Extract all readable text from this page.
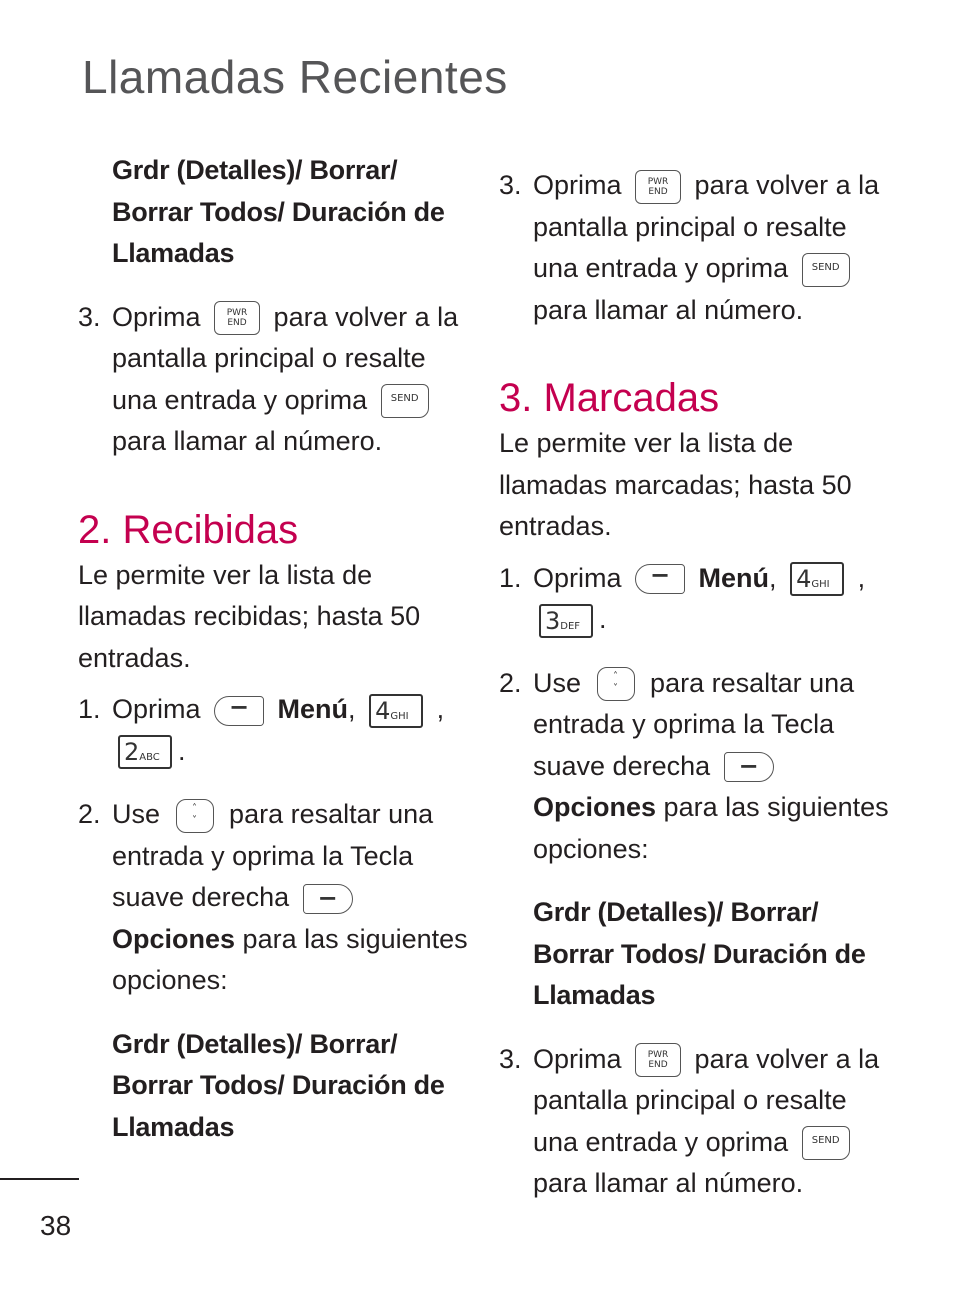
Llamadas Recientes
Grdr (Detalles)/ Borrar/ Borrar Todos/ Duración de Llamadas
3. Oprima	PWR
END para volver a la pantalla principal o resalte una entrada y oprima SEND para llamar al número.
2. Recibidas

Le permite ver la lista de llamadas recibidas; hasta 50 entradas.

1. Oprima − Menú, 4GHI ,
2ABC .
2. Use	˄
˅	para resaltar una entrada y oprima la Tecla suave derecha − Opciones para las siguientes opciones:
Grdr (Detalles)/ Borrar/ Borrar Todos/ Duración de Llamadas
3. Oprima	PWR
END para volver a la pantalla principal o resalte una entrada y oprima SEND para llamar al número.
3. Marcadas

Le permite ver la lista de llamadas marcadas; hasta 50 entradas.

1. Oprima − Menú, 4GHI ,
3DEF .
2. Use	˄
˅	para resaltar una entrada y oprima la Tecla suave derecha − Opciones para las siguientes opciones:
Grdr (Detalles)/ Borrar/ Borrar Todos/ Duración de Llamadas
3. Oprima	PWR
END para volver a la pantalla principal o resalte una entrada y oprima SEND para llamar al número.
38
